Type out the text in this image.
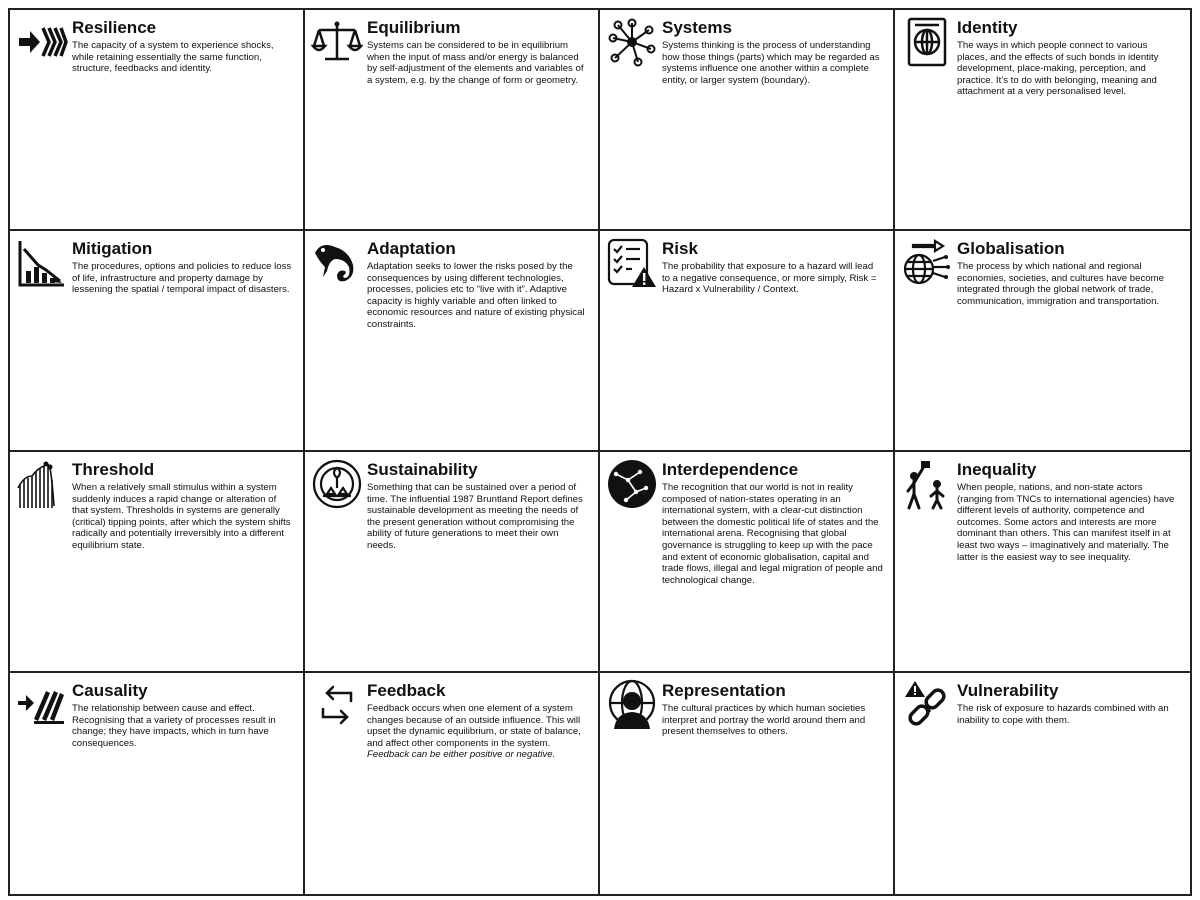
Resilience

The capacity of a system to experience shocks, while retaining essentially the same function, structure, feedbacks and identity.

Equilibrium

Systems can be considered to be in equilibrium when the input of mass and/or energy is balanced by self-adjustment of the elements and variables of a system, e.g. by the change of form or geometry.

Systems

Systems thinking is the process of understanding how those things (parts) which may be regarded as systems influence one another within a complete entity, or larger system (boundary).

Identity

The ways in which people connect to various places, and the effects of such bonds in identity development, place-making, perception, and practice. It’s to do with belonging, meaning and attachment at a very personalised level.

Mitigation

The procedures, options and policies to reduce loss of life, infrastructure and property damage by lessening the spatial / temporal impact of disasters.

Adaptation

Adaptation seeks to lower the risks posed by the consequences by using different technologies, processes, policies etc to “live with it”. Adaptive capacity is highly variable and often linked to economic resources and nature of existing physical constraints.

Risk

The probability that exposure to a hazard will lead to a negative consequence, or more simply, Risk = Hazard x Vulnerability / Context.

Globalisation

The process by which national and regional economies, societies, and cultures have become integrated through the global network of trade, communication, immigration and transportation.

Threshold

When a relatively small stimulus within a system suddenly induces a rapid change or alteration of that system. Thresholds in systems are generally (critical) tipping points, after which the system shifts radically and potentially irreversibly into a different equilibrium state.

Sustainability

Something that can be sustained over a period of time. The influential 1987 Bruntland Report defines sustainable development as meeting the needs of the present generation without compromising the ability of future generations to meet their own needs.

Interdependence

The recognition that our world is not in reality composed of nation-states operating in an international system, with a clear-cut distinction between the domestic political life of states and the international arena. Recognising that global governance is struggling to keep up with the pace and extent of economic globalisation, capital and trade flows, illegal and legal migration of people and technological change.

Inequality

When people, nations, and non-state actors (ranging from TNCs to international agencies) have different levels of authority, competence and outcomes. Some actors and interests are more dominant than others. This can manifest itself in at least two ways – imaginatively and materially. The latter is the easiest way to see inequality.

Causality

The relationship between cause and effect. Recognising that a variety of processes result in change; they have impacts, which in turn have consequences.

Feedback

Feedback occurs when one element of a system changes because of an outside influence. This will upset the dynamic equilibrium, or state of balance, and affect other components in the system. Feedback can be either positive or negative.

Representation

The cultural practices by which human societies interpret and portray the world around them and present themselves to others.

Vulnerability

The risk of exposure to hazards combined with an inability to cope with them.
